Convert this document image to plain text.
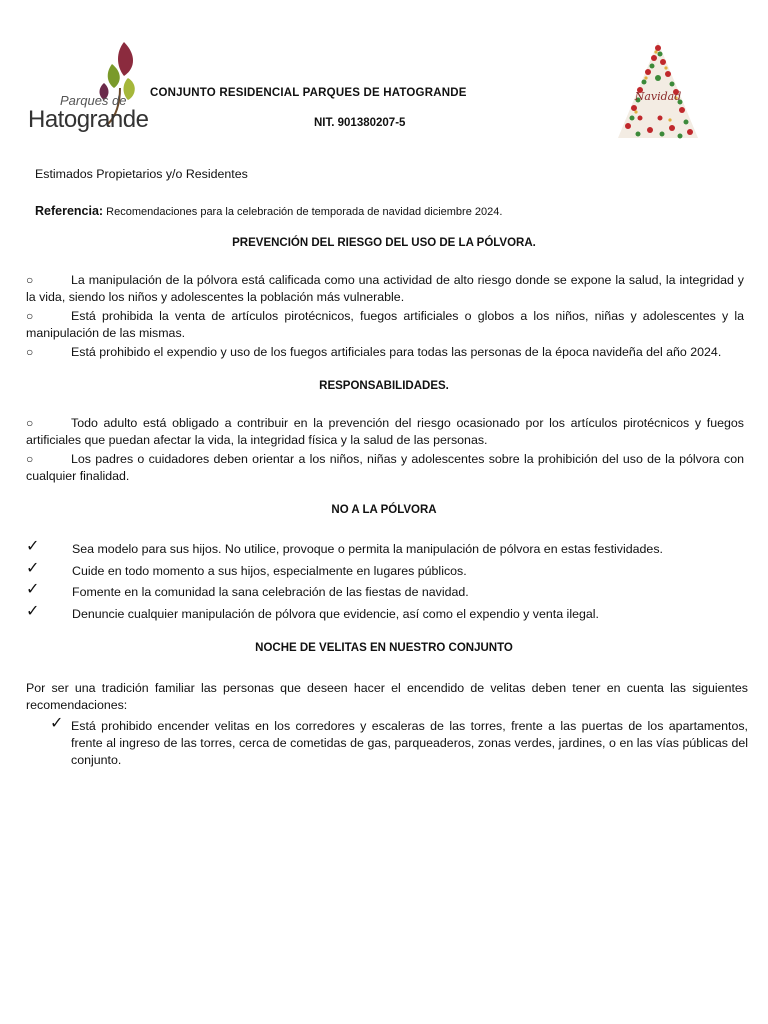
Parques de
Hatogrande
CONJUNTO RESIDENCIAL PARQUES DE HATOGRANDE
NIT. 901380207-5
Navidad
Estimados Propietarios y/o Residentes
Referencia: Recomendaciones para la celebración de temporada de navidad diciembre 2024.
PREVENCIÓN DEL RIESGO DEL USO DE LA PÓLVORA.
○	La manipulación de la pólvora está calificada como una actividad de alto riesgo donde se expone la salud, la integridad y la vida, siendo los niños y adolescentes la población más vulnerable.
○	Está prohibida la venta de artículos pirotécnicos, fuegos artificiales o globos a los niños, niñas y adolescentes y la manipulación de las mismas.
○	Está prohibido el expendio y uso de los fuegos artificiales para todas las personas de la época navideña del año 2024.
RESPONSABILIDADES.
○	Todo adulto está obligado a contribuir en la prevención del riesgo ocasionado por los artículos pirotécnicos y fuegos artificiales que puedan afectar la vida, la integridad física y la salud de las personas.
○	Los padres o cuidadores deben orientar a los niños, niñas y adolescentes sobre la prohibición del uso de la pólvora con cualquier finalidad.
NO A LA PÓLVORA
✓	Sea modelo para sus hijos. No utilice, provoque o permita la manipulación de pólvora en estas festividades.
✓	Cuide en todo momento a sus hijos, especialmente en lugares públicos.
✓	Fomente en la comunidad la sana celebración de las fiestas de navidad.
✓	Denuncie cualquier manipulación de pólvora que evidencie, así como el expendio y venta ilegal.
NOCHE DE VELITAS EN NUESTRO CONJUNTO
Por ser una tradición familiar las personas que deseen hacer el encendido de velitas deben tener en cuenta las siguientes recomendaciones:
✓ Está prohibido encender velitas en los corredores y escaleras de las torres, frente a las puertas de los apartamentos, frente al ingreso de las torres, cerca de cometidas de gas, parqueaderos, zonas verdes, jardines, o en las vías públicas del conjunto.
